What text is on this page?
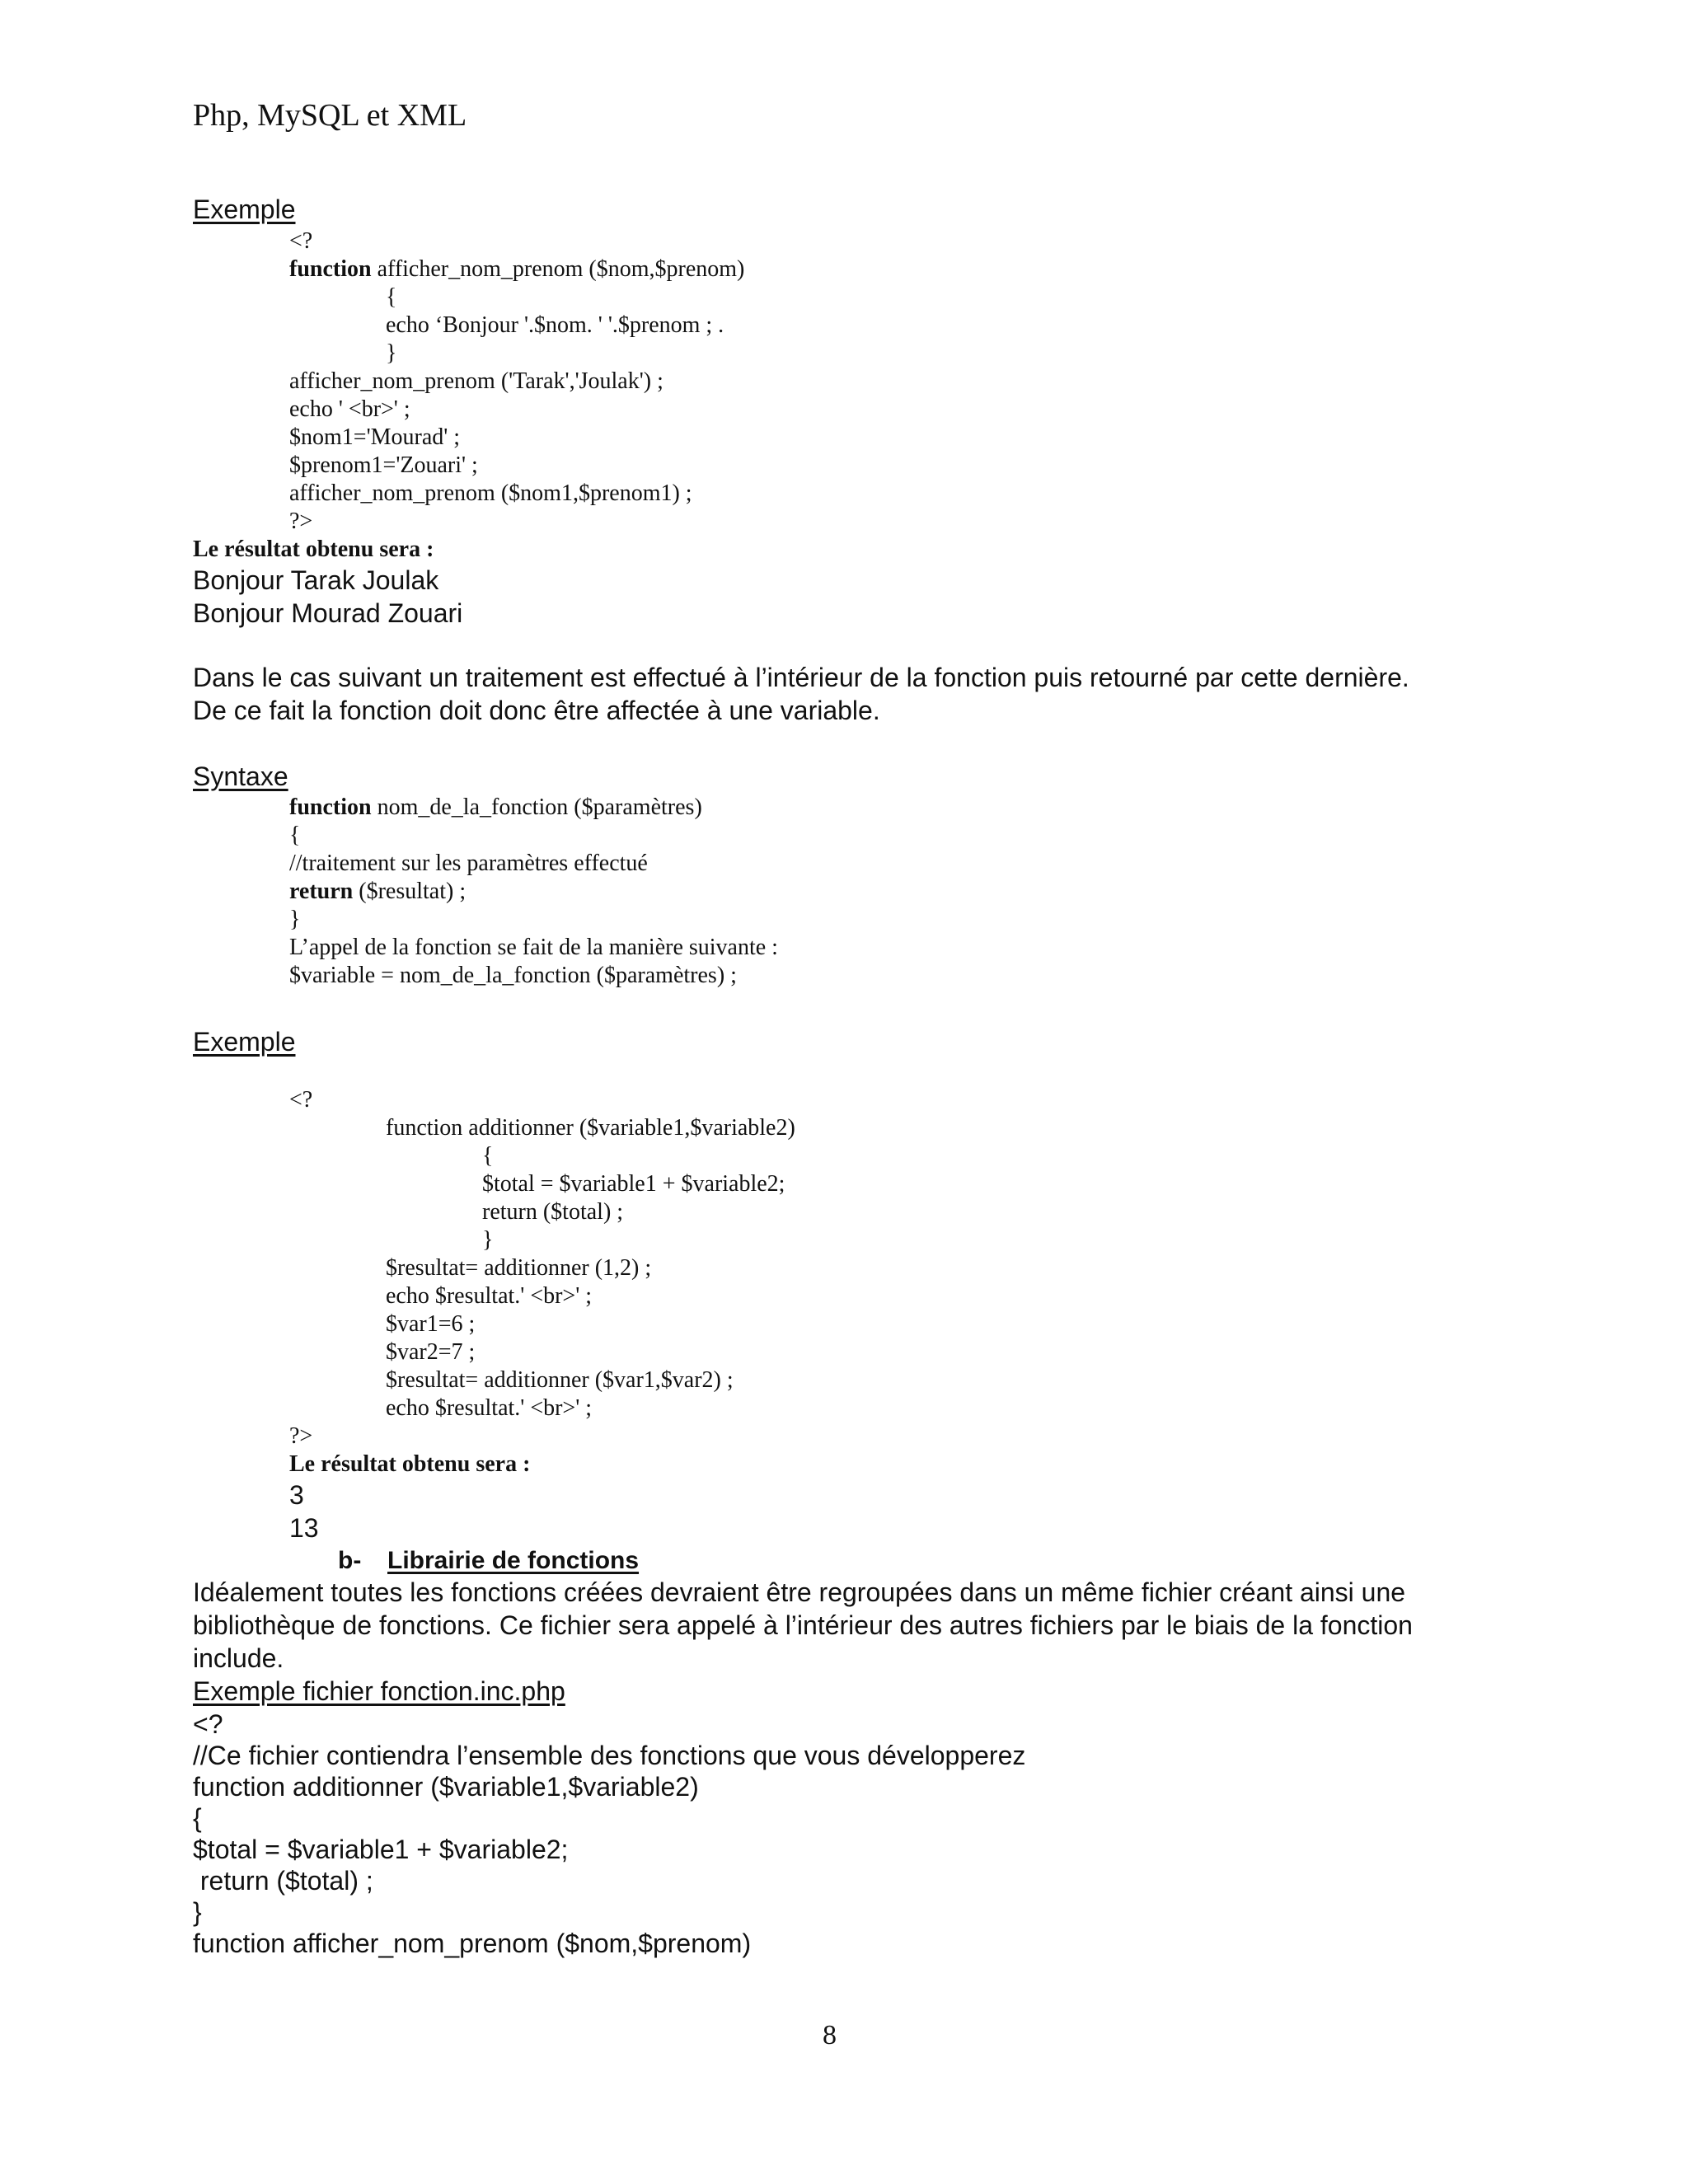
Php, MySQL et XML
Exemple
<?
function afficher_nom_prenom ($nom,$prenom)
{
echo ‘Bonjour '.$nom. ' '.$prenom ; .
}
afficher_nom_prenom ('Tarak','Joulak') ;
echo ' <br>' ;
$nom1='Mourad' ;
$prenom1='Zouari' ;
afficher_nom_prenom ($nom1,$prenom1) ;
?>
Le résultat obtenu sera :
Bonjour Tarak Joulak
Bonjour Mourad Zouari
Dans le cas suivant un traitement est effectué à l’intérieur de la fonction puis retourné par cette dernière.
De ce fait la fonction doit donc être affectée à une variable.
Syntaxe
function nom_de_la_fonction ($paramètres)
{
//traitement sur les paramètres effectué
return ($resultat) ;
}
L’appel de la fonction se fait de la manière suivante :
$variable = nom_de_la_fonction ($paramètres) ;
Exemple
<?
function additionner ($variable1,$variable2)
{
$total = $variable1 + $variable2;
return ($total) ;
}
$resultat= additionner (1,2) ;
echo $resultat.' <br>' ;
$var1=6 ;
$var2=7 ;
$resultat= additionner ($var1,$var2) ;
echo $resultat.' <br>' ;
?>
Le résultat obtenu sera :
3
13
b- Librairie de fonctions
Idéalement toutes les fonctions créées devraient être regroupées dans un même fichier créant ainsi une
bibliothèque de fonctions. Ce fichier sera appelé à l’intérieur des autres fichiers par le biais de la fonction
include.
Exemple fichier fonction.inc.php
<?
//Ce fichier contiendra l’ensemble des fonctions que vous développerez
function additionner ($variable1,$variable2)
{
$total = $variable1 + $variable2;
return ($total) ;
}
function afficher_nom_prenom ($nom,$prenom)
8
